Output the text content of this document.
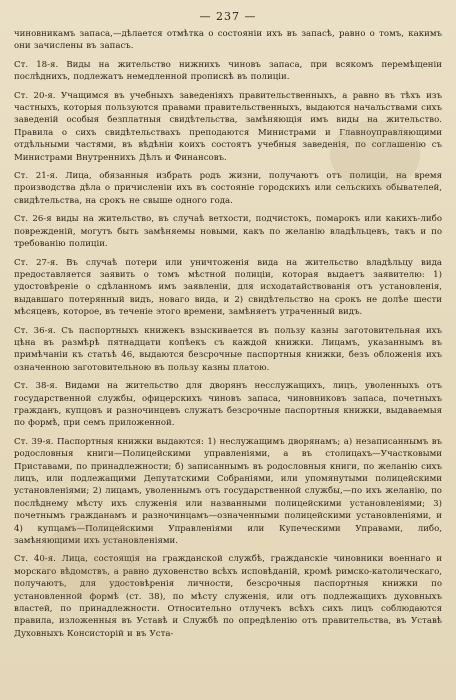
— 237 —

чиновникамъ запаса,—дѣлается отмѣтка о состояніи ихъ въ запасѣ, равно о томъ, какимъ они зачислены въ запасъ.

Ст. 18-я. Виды на жительство нижнихъ чиновъ запаса, при всякомъ перемѣщеніи послѣднихъ, подлежатъ немедленной пропискѣ въ полиціи.

Ст. 20-я. Учащимся въ учебныхъ заведеніяхъ правительственныхъ, а равно въ тѣхъ изъ частныхъ, которыя пользуются правами правительственныхъ, выдаются начальствами сихъ заведеній особыя безплатныя свидѣтельства, замѣняющія имъ виды на жительство. Правила о сихъ свидѣтельствахъ преподаются Министрами и Главноуправляющими отдѣльными частями, въ вѣдѣніи коихъ состоятъ учебныя заведенія, по соглашенію съ Министрами Внутреннихъ Дѣлъ и Финансовъ.

Ст. 21-я. Лица, обязанныя избрать родъ жизни, получаютъ отъ полиціи, на время производства дѣла о причисленіи ихъ въ состояніе городскихъ или сельскихъ обывателей, свидѣтельства, на срокъ не свыше одного года.

Ст. 26-я виды на жительство, въ случаѣ ветхости, подчистокъ, помарокъ или какихъ-либо поврежденій, могутъ быть замѣняемы новыми, какъ по желанію владѣльцевъ, такъ и по требованію полиціи.

Ст. 27-я. Въ случаѣ потери или уничтоженія вида на жительство владѣльцу вида предоставляется заявить о томъ мѣстной полиціи, которая выдаетъ заявителю: 1) удостовѣреніе о сдѣланномъ имъ заявленіи, для исходатайствованія отъ установленія, выдавшаго потерянный видъ, новаго вида, и 2) свидѣтельство на срокъ не долѣе шести мѣсяцевъ, которое, въ теченіе этого времени, замѣняетъ утраченный видъ.

Ст. 36-я. Съ паспортныхъ книжекъ взыскивается въ пользу казны заготовительная ихъ цѣна въ размѣрѣ пятнадцати копѣекъ съ каждой книжки. Лицамъ, указаннымъ въ примѣчаніи къ статьѣ 46, выдаются безсрочные паспортныя книжки, безъ обложенія ихъ означенною заготовительною въ пользу казны платою.

Ст. 38-я. Видами на жительство для дворянъ несслужащихъ, лицъ, уволенныхъ отъ государственной службы, офицерскихъ чиновъ запаса, чиновниковъ запаса, почетныхъ гражданъ, купцовъ и разночинцевъ служатъ безсрочные паспортныя книжки, выдаваемыя по формѣ, при семъ приложенной.

Ст. 39-я. Паспортныя книжки выдаются: 1) неслужащимъ дворянамъ; а) незаписаннымъ въ родословныя книги—Полицейскими управленіями, а въ столицахъ—Участковыми Приставами, по принадлежности; б) записаннымъ въ родословныя книги, по желанію сихъ лицъ, или подлежащими Депутатскими Собраніями, или упомянутыми полицейскими установленіями; 2) лицамъ, уволеннымъ отъ государственной службы,—по ихъ желанію, по послѣднему мѣсту ихъ служенія или названными полицейскими установленіями; 3) почетнымъ гражданамъ и разночинцамъ—означенными полицейскими установленіями, и 4) купцамъ—Полицейскими Управленіями или Купеческими Управами, либо, замѣняющими ихъ установленіями.

Ст. 40-я. Лица, состоящія на гражданской службѣ, гражданскіе чиновники военнаго и морскаго вѣдомствъ, а равно духовенство всѣхъ исповѣданій, кромѣ римско-католическаго, получаютъ, для удостовѣренія личности, безсрочныя паспортныя книжки по установленной формѣ (ст. 38), по мѣсту служенія, или отъ подлежащихъ духовныхъ властей, по принадлежности. Относительно отлучекъ всѣхъ сихъ лицъ соблюдаются правила, изложенныя въ Уставѣ и Службѣ по опредѣленію отъ правительства, въ Уставѣ Духовныхъ Консисторій и въ Уста-
